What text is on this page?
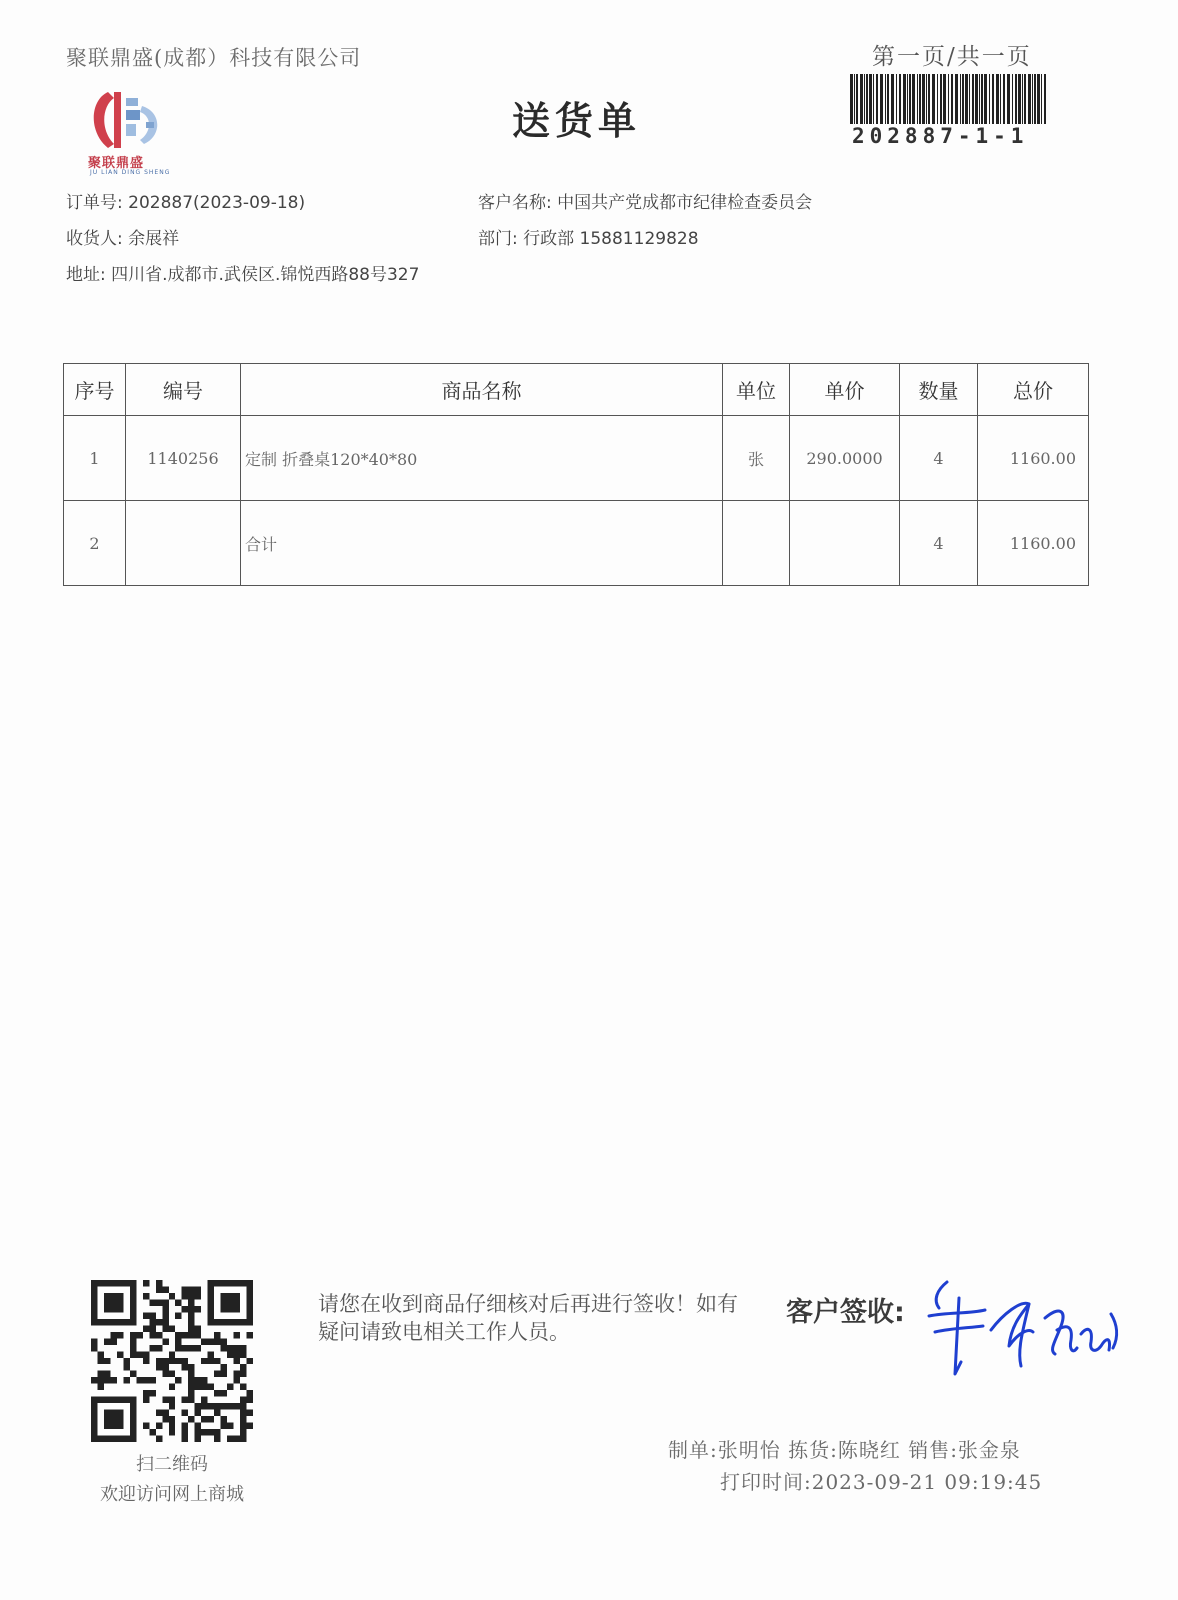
聚联鼎盛(成都）科技有限公司	第一页/共一页
聚联鼎盛
JU LIAN DING SHENG
送货单	202887-1-1
订单号: 202887(2023-09-18)	客户名称: 中国共产党成都市纪律检查委员会
收货人: 余展祥	部门: 行政部 15881129828
地址: 四川省.成都市.武侯区.锦悦西路88号327
序号	编号	商品名称	单位	单价	数量	总价
1	1140256	定制 折叠桌120*40*80	张	290.0000	4	1160.00
2		合计			4	1160.00
扫二维码
欢迎访问网上商城
请您在收到商品仔细核对后再进行签收！如有疑问请致电相关工作人员。
客户签收:
制单:张明怡 拣货:陈晓红 销售:张金泉
打印时间:2023-09-21 09:19:45
